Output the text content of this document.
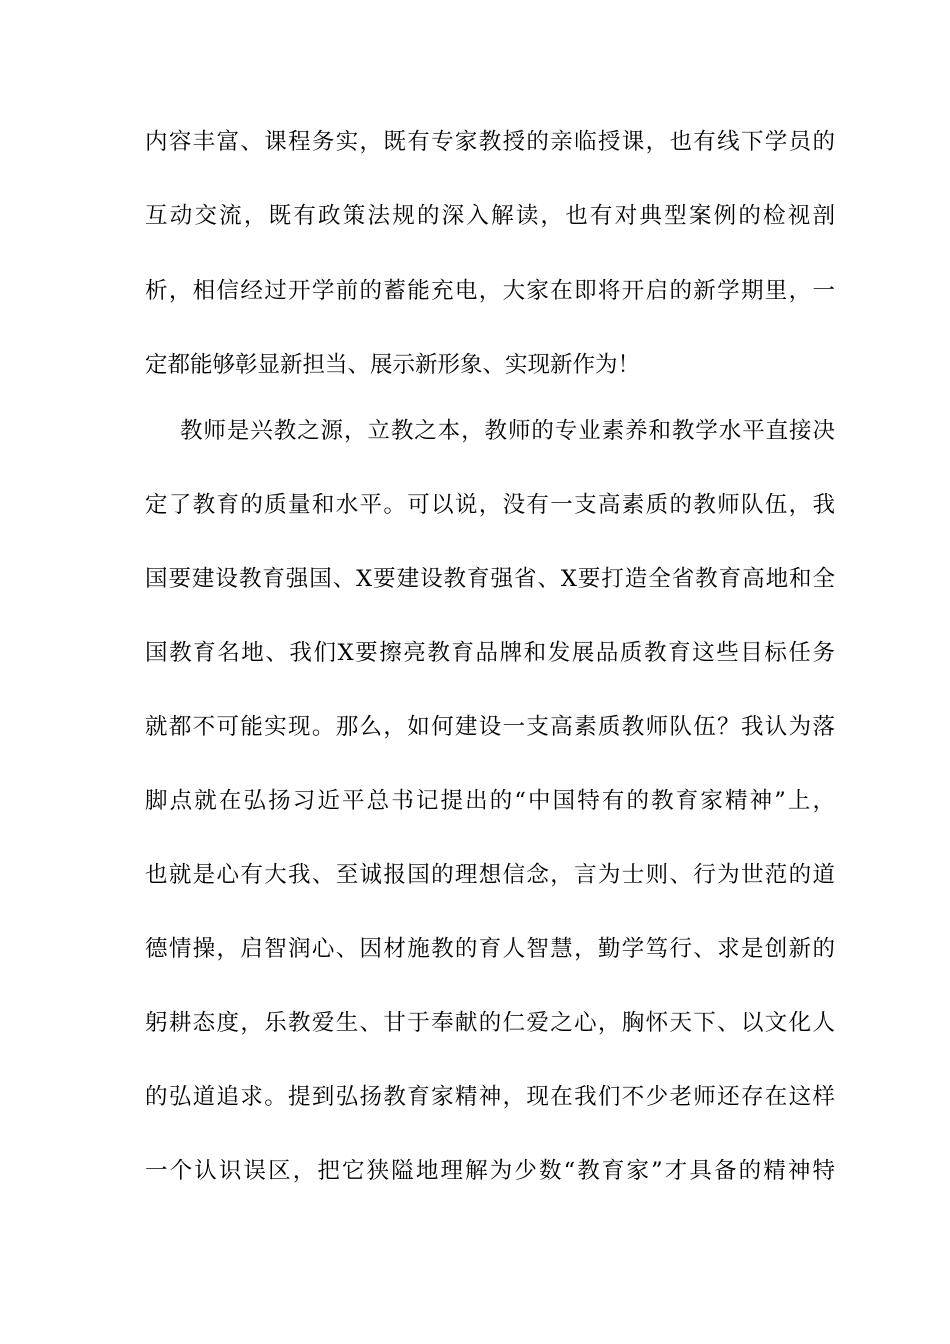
内容丰富、课程务实，既有专家教授的亲临授课，也有线下学员的
互动交流，既有政策法规的深入解读，也有对典型案例的检视剖
析，相信经过开学前的蓄能充电，大家在即将开启的新学期里，一
定都能够彰显新担当、展示新形象、实现新作为！
教师是兴教之源，立教之本，教师的专业素养和教学水平直接决
定了教育的质量和水平。可以说，没有一支高素质的教师队伍，我
国要建设教育强国、X要建设教育强省、X要打造全省教育高地和全
国教育名地、我们X要擦亮教育品牌和发展品质教育这些目标任务
就都不可能实现。那么，如何建设一支高素质教师队伍？我认为落
脚点就在弘扬习近平总书记提出的“中国特有的教育家精神”上，
也就是心有大我、至诚报国的理想信念，言为士则、行为世范的道
德情操，启智润心、因材施教的育人智慧，勤学笃行、求是创新的
躬耕态度，乐教爱生、甘于奉献的仁爱之心，胸怀天下、以文化人
的弘道追求。提到弘扬教育家精神，现在我们不少老师还存在这样
一个认识误区，把它狭隘地理解为少数“教育家”才具备的精神特
